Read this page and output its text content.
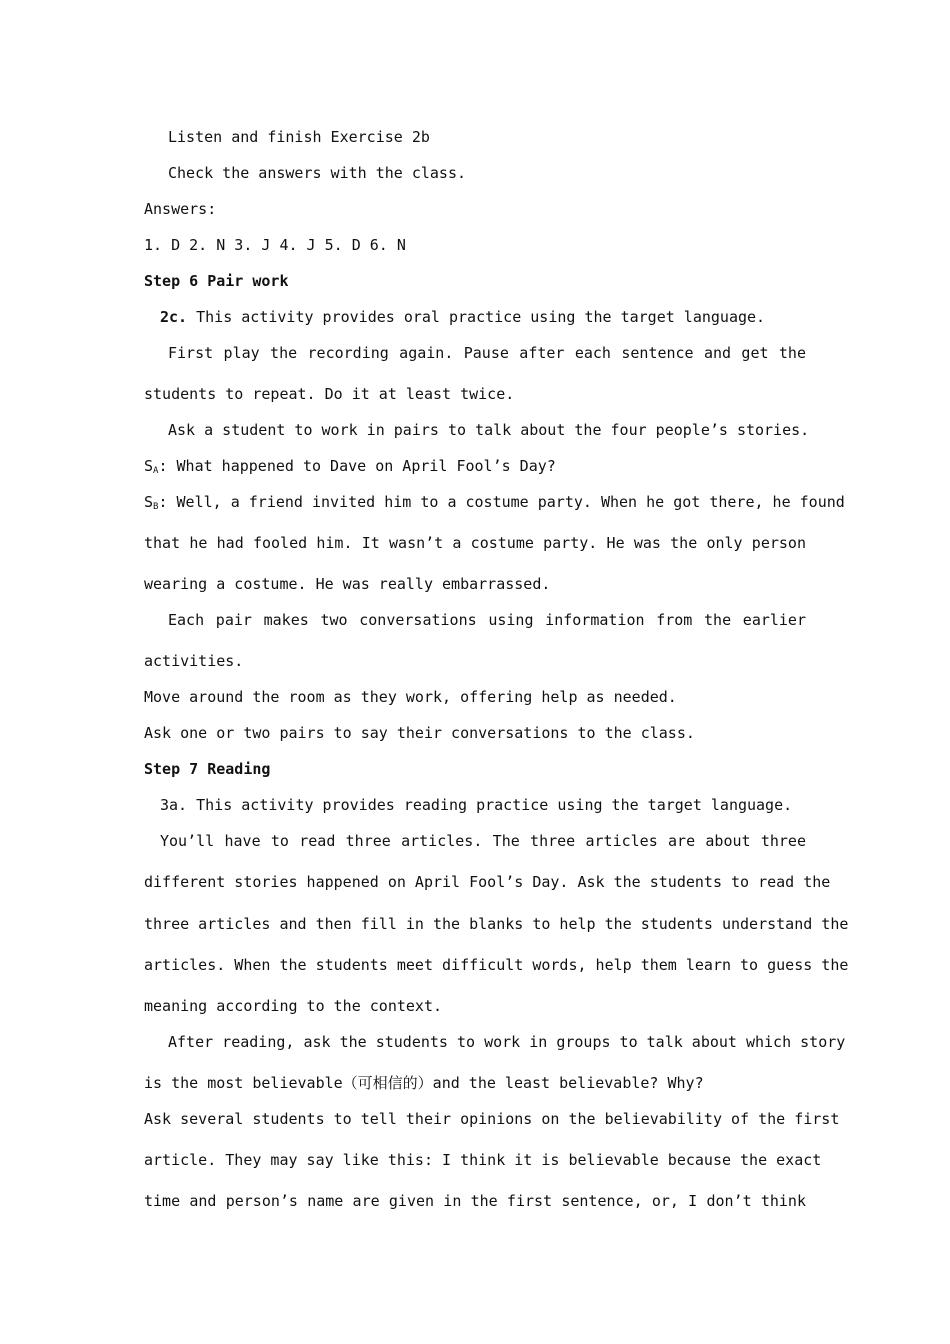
Listen and finish Exercise 2b
Check the answers with the class.
Answers:
1. D 2. N 3. J 4. J 5. D 6. N
Step 6 Pair work
2c. This activity provides oral practice using the target language.
First play the recording again. Pause after each sentence and get the
students to repeat. Do it at least twice.
Ask a student to work in pairs to talk about the four people’s stories.
$S_A$: What happened to Dave on April Fool’s Day?
$S_B$: Well, a friend invited him to a costume party. When he got there, he found
that he had fooled him. It wasn’t a costume party. He was the only person
wearing a costume. He was really embarrassed.
Each pair makes two conversations using information from the earlier
activities.
Move around the room as they work, offering help as needed.
Ask one or two pairs to say their conversations to the class.
Step 7 Reading
3a. This activity provides reading practice using the target language.
You’ll have to read three articles. The three articles are about three
different stories happened on April Fool’s Day. Ask the students to read the
three articles and then fill in the blanks to help the students understand the
articles. When the students meet difficult words, help them learn to guess the
meaning according to the context.
After reading, ask the students to work in groups to talk about which story
is the most believable（可相信的）and the least believable? Why?
Ask several students to tell their opinions on the believability of the first
article. They may say like this: I think it is believable because the exact
time and person’s name are given in the first sentence, or, I don’t think
